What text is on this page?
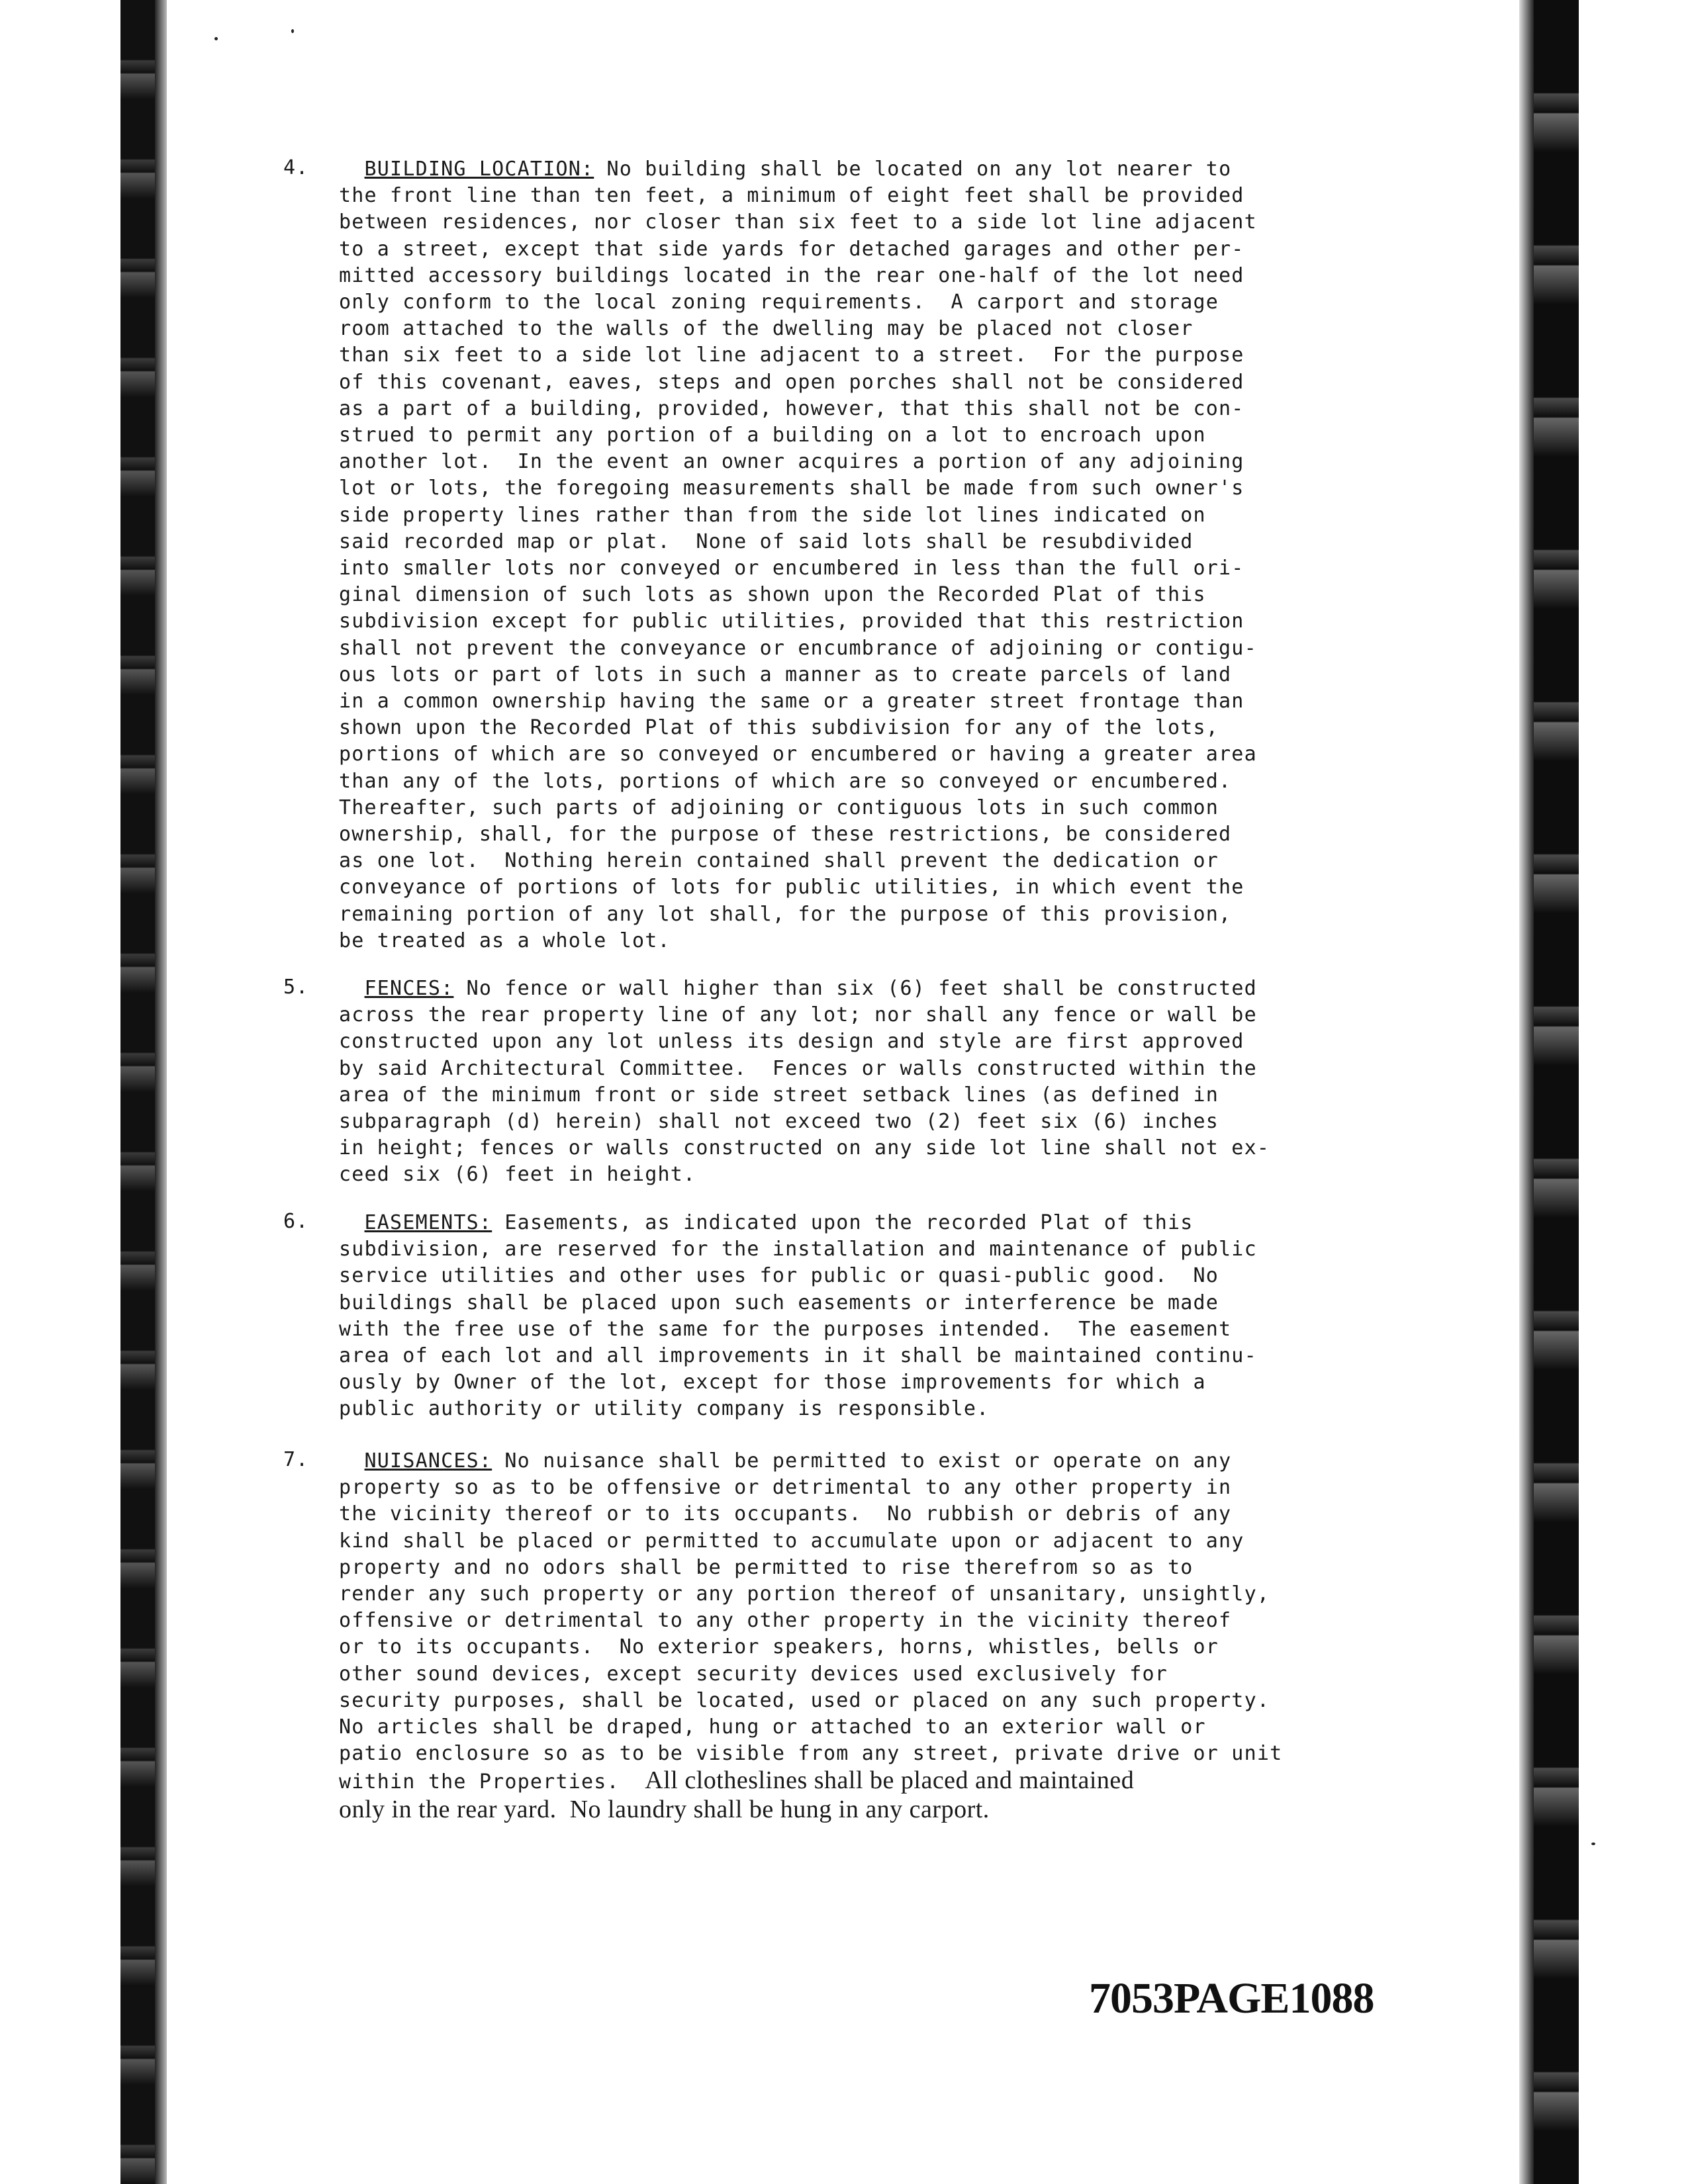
4.	BUILDING LOCATION: No building shall be located on any lot nearer to
the front line than ten feet, a minimum of eight feet shall be provided
between residences, nor closer than six feet to a side lot line adjacent
to a street, except that side yards for detached garages and other per-
mitted accessory buildings located in the rear one-half of the lot need
only conform to the local zoning requirements.  A carport and storage
room attached to the walls of the dwelling may be placed not closer
than six feet to a side lot line adjacent to a street.  For the purpose
of this covenant, eaves, steps and open porches shall not be considered
as a part of a building, provided, however, that this shall not be con-
strued to permit any portion of a building on a lot to encroach upon
another lot.  In the event an owner acquires a portion of any adjoining
lot or lots, the foregoing measurements shall be made from such owner's
side property lines rather than from the side lot lines indicated on
said recorded map or plat.  None of said lots shall be resubdivided
into smaller lots nor conveyed or encumbered in less than the full ori-
ginal dimension of such lots as shown upon the Recorded Plat of this
subdivision except for public utilities, provided that this restriction
shall not prevent the conveyance or encumbrance of adjoining or contigu-
ous lots or part of lots in such a manner as to create parcels of land
in a common ownership having the same or a greater street frontage than
shown upon the Recorded Plat of this subdivision for any of the lots,
portions of which are so conveyed or encumbered or having a greater area
than any of the lots, portions of which are so conveyed or encumbered.
Thereafter, such parts of adjoining or contiguous lots in such common
ownership, shall, for the purpose of these restrictions, be considered
as one lot.  Nothing herein contained shall prevent the dedication or
conveyance of portions of lots for public utilities, in which event the
remaining portion of any lot shall, for the purpose of this provision,
be treated as a whole lot.
5.	FENCES: No fence or wall higher than six (6) feet shall be constructed
across the rear property line of any lot; nor shall any fence or wall be
constructed upon any lot unless its design and style are first approved
by said Architectural Committee.  Fences or walls constructed within the
area of the minimum front or side street setback lines (as defined in
subparagraph (d) herein) shall not exceed two (2) feet six (6) inches
in height; fences or walls constructed on any side lot line shall not ex-
ceed six (6) feet in height.
6.	EASEMENTS: Easements, as indicated upon the recorded Plat of this
subdivision, are reserved for the installation and maintenance of public
service utilities and other uses for public or quasi-public good.  No
buildings shall be placed upon such easements or interference be made
with the free use of the same for the purposes intended.  The easement
area of each lot and all improvements in it shall be maintained continu-
ously by Owner of the lot, except for those improvements for which a
public authority or utility company is responsible.
7.	NUISANCES: No nuisance shall be permitted to exist or operate on any
property so as to be offensive or detrimental to any other property in
the vicinity thereof or to its occupants.  No rubbish or debris of any
kind shall be placed or permitted to accumulate upon or adjacent to any
property and no odors shall be permitted to rise therefrom so as to
render any such property or any portion thereof of unsanitary, unsightly,
offensive or detrimental to any other property in the vicinity thereof
or to its occupants.  No exterior speakers, horns, whistles, bells or
other sound devices, except security devices used exclusively for
security purposes, shall be located, used or placed on any such property.
No articles shall be draped, hung or attached to an exterior wall or
patio enclosure so as to be visible from any street, private drive or unit
within the Properties. All clotheslines shall be placed and maintained
only in the rear yard.  No laundry shall be hung in any carport.
7053PAGE1088
